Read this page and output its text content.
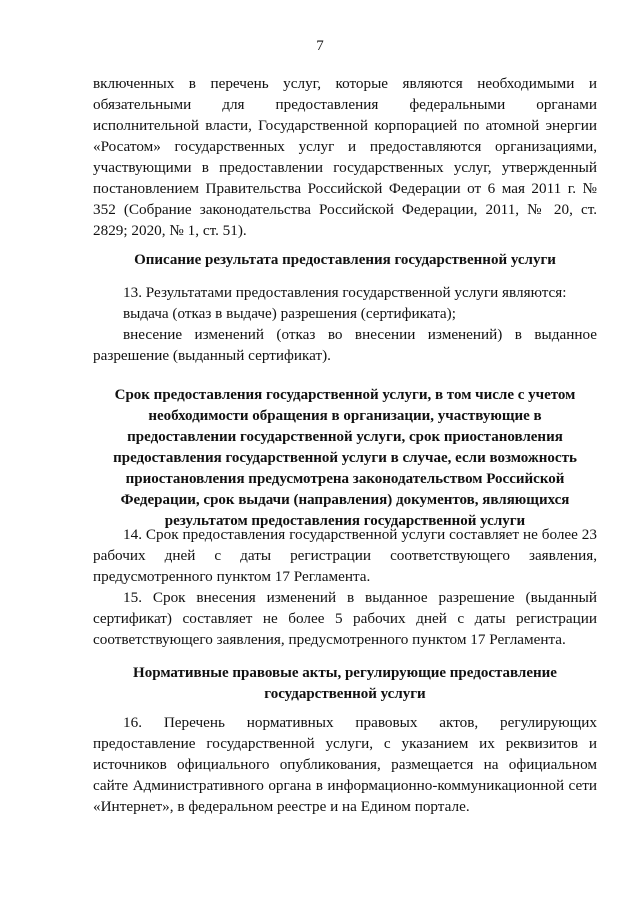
7

включенных в перечень услуг, которые являются необходимыми и обязательными для предоставления федеральными органами исполнительной власти, Государственной корпорацией по атомной энергии «Росатом» государственных услуг и предоставляются организациями, участвующими в предоставлении государственных услуг, утвержденный постановлением Правительства Российской Федерации от 6 мая 2011 г. № 352 (Собрание законодательства Российской Федерации, 2011, № 20, ст. 2829; 2020, № 1, ст. 51).

Описание результата предоставления государственной услуги

13. Результатами предоставления государственной услуги являются:

выдача (отказ в выдаче) разрешения (сертификата);

внесение изменений (отказ во внесении изменений) в выданное разрешение (выданный сертификат).

Срок предоставления государственной услуги, в том числе с учетом необходимости обращения в организации, участвующие в предоставлении государственной услуги, срок приостановления предоставления государственной услуги в случае, если возможность приостановления предусмотрена законодательством Российской Федерации, срок выдачи (направления) документов, являющихся результатом предоставления государственной услуги

14. Срок предоставления государственной услуги составляет не более 23 рабочих дней с даты регистрации соответствующего заявления, предусмотренного пунктом 17 Регламента.

15. Срок внесения изменений в выданное разрешение (выданный сертификат) составляет не более 5 рабочих дней с даты регистрации соответствующего заявления, предусмотренного пунктом 17 Регламента.

Нормативные правовые акты, регулирующие предоставление государственной услуги

16. Перечень нормативных правовых актов, регулирующих предоставление государственной услуги, с указанием их реквизитов и источников официального опубликования, размещается на официальном сайте Административного органа в информационно-коммуникационной сети «Интернет», в федеральном реестре и на Едином портале.
